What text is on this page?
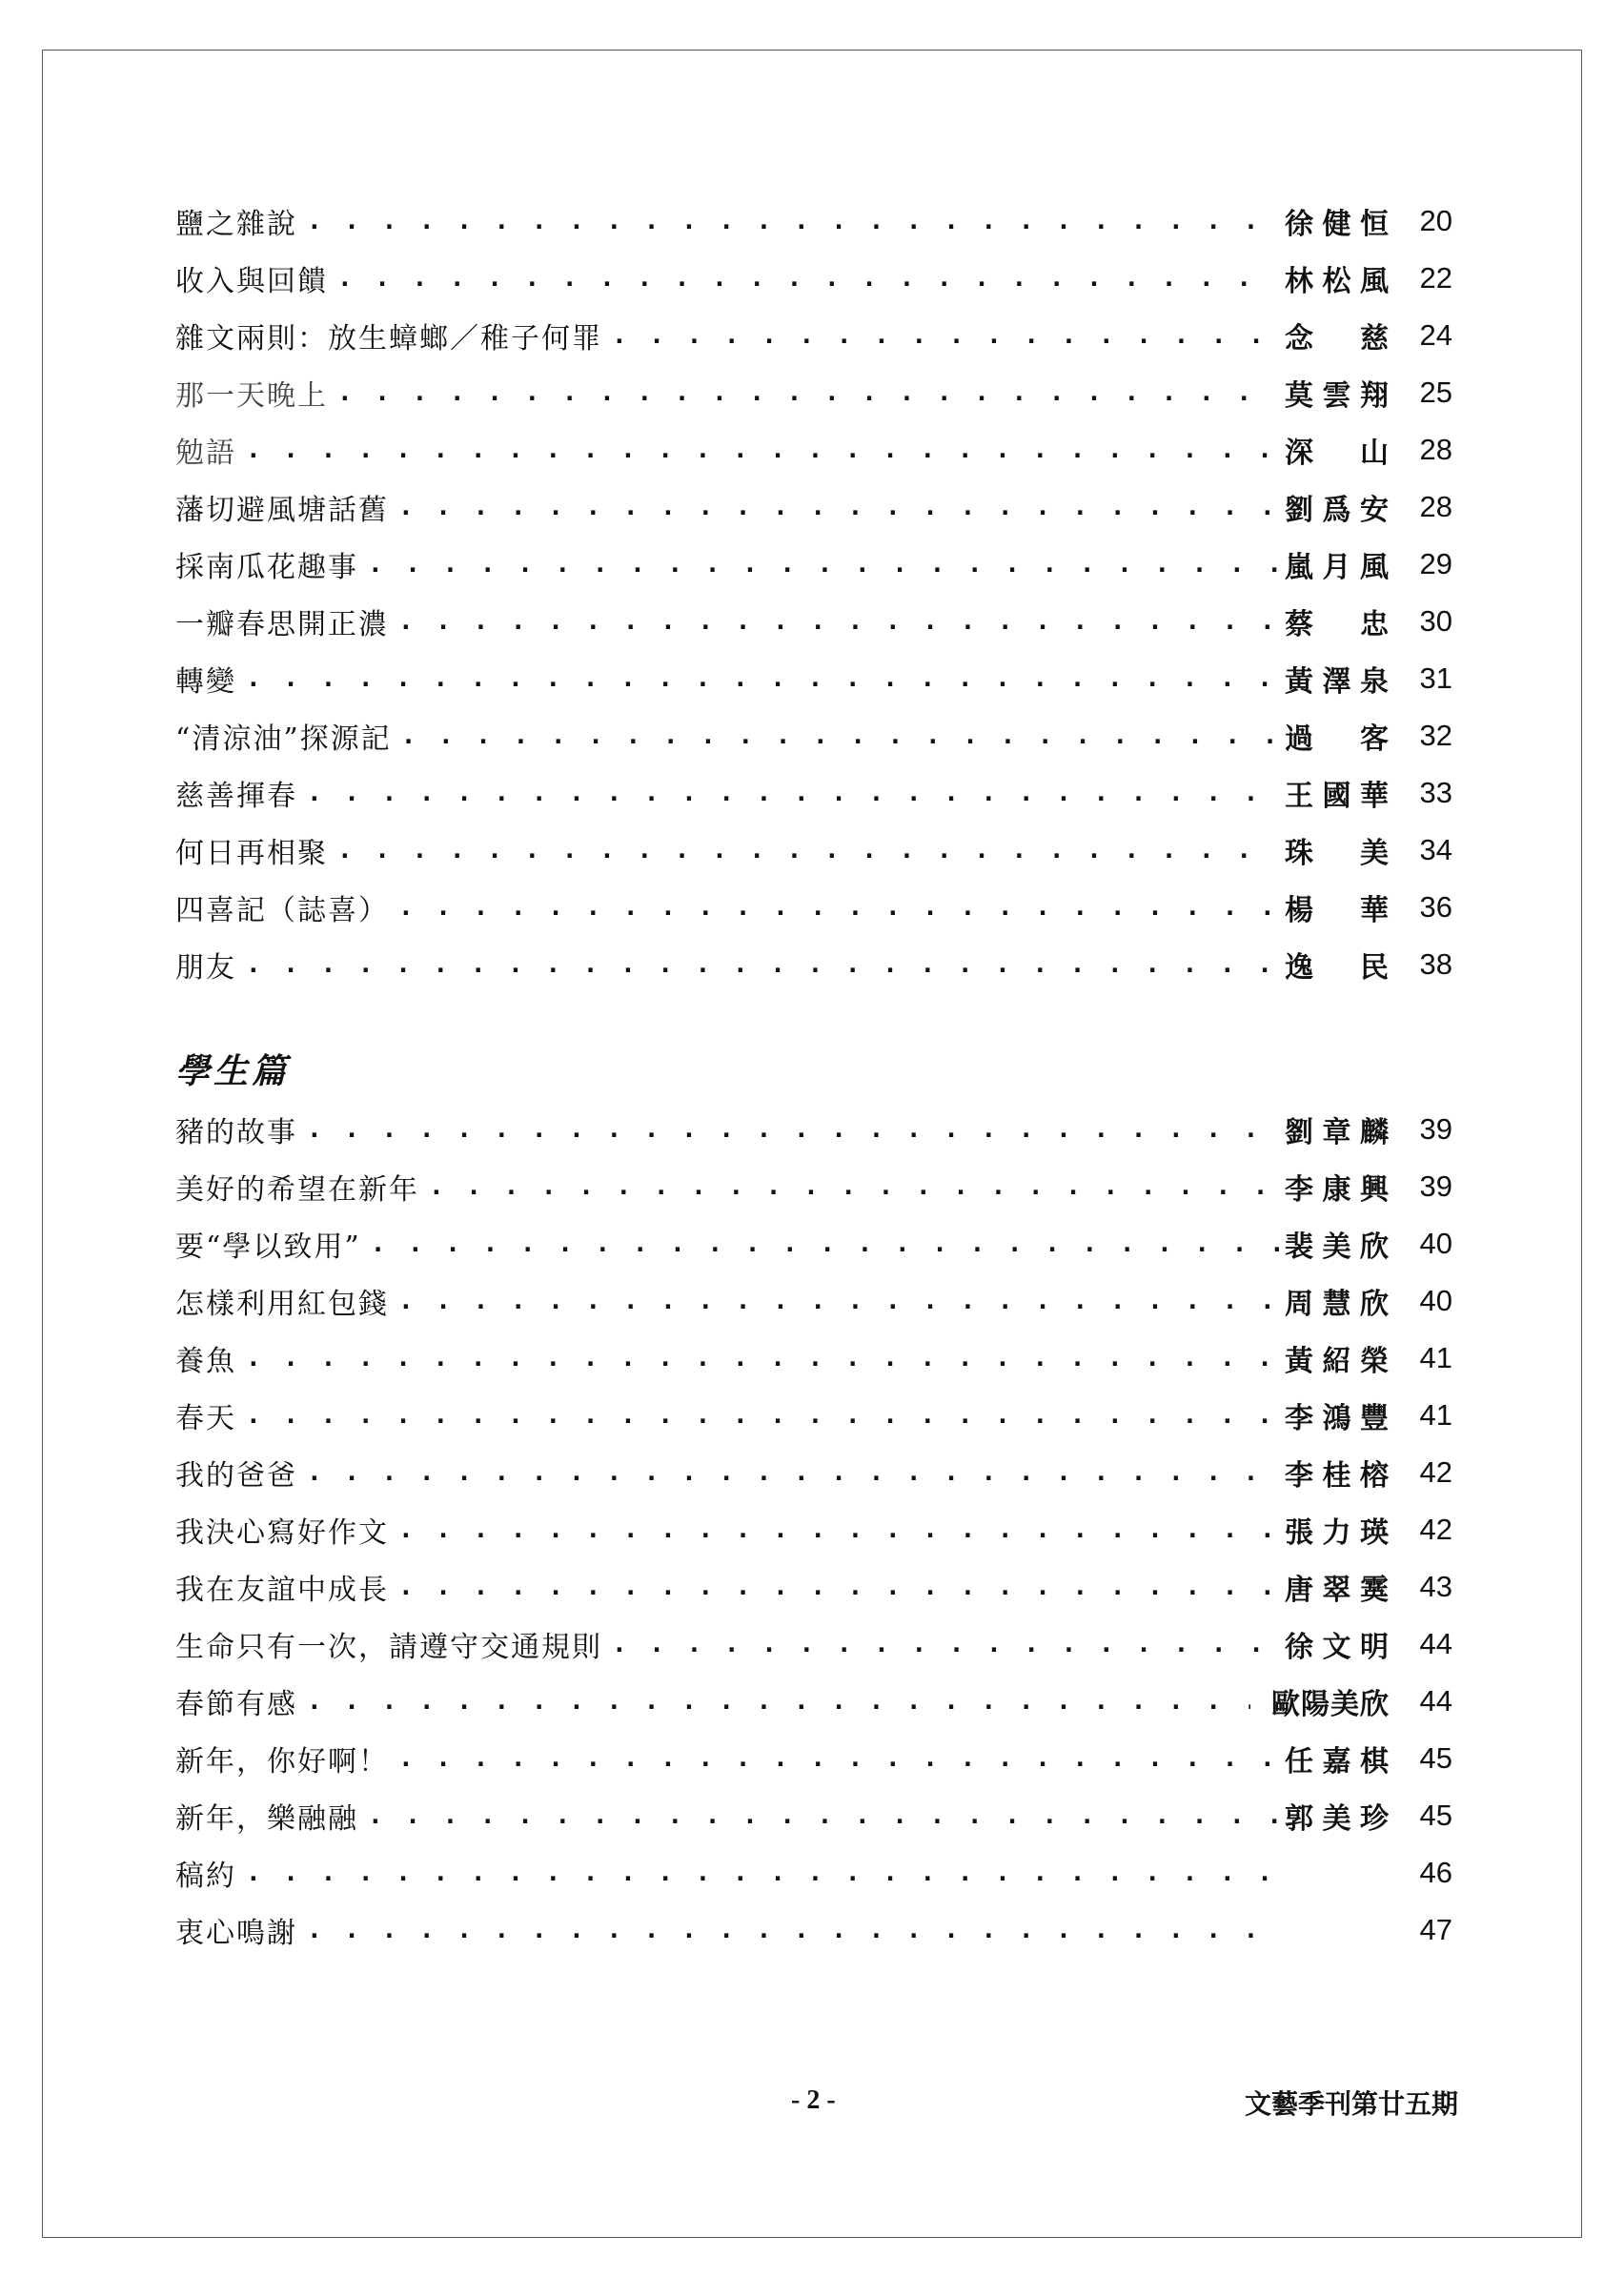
鹽之雜說 . . .	徐健恒	20
收入與回饋 . . .	林松風	22
雜文兩則：放生蟑螂／稚子何罪 . . .	念　慈	24
那一天晚上 . . .	莫雲翔	25
勉語 . . .	深　山	28
藩切避風塘話舊 . . .	劉爲安	28
採南瓜花趣事 . . .	嵐月風	29
一瓣春思開正濃 . . .	蔡　忠	30
轉變 . . .	黃澤泉	31
“清涼油”探源記 . . .	過　客	32
慈善揮春 . . .	王國華	33
何日再相聚 . . .	珠　美	34
四喜記（誌喜） . . .	楊　華	36
朋友 . . .	逸　民	38
學生篇
豬的故事 . . .	劉章麟	39
美好的希望在新年 . . .	李康興	39
要“學以致用” . . .	裴美欣	40
怎樣利用紅包錢 . . .	周慧欣	40
養魚 . . .	黃紹榮	41
春天 . . .	李鴻豐	41
我的爸爸 . . .	李桂榕	42
我決心寫好作文 . . .	張力瑛	42
我在友誼中成長 . . .	唐翠霙	43
生命只有一次，請遵守交通規則 . . .	徐文明	44
春節有感 . . .	歐陽美欣	44
新年，你好啊！ . . .	任嘉棋	45
新年，樂融融 . . .	郭美珍	45
稿約 . . .	46
衷心鳴謝 . . .	47
- 2 -	文藝季刊第廿五期
